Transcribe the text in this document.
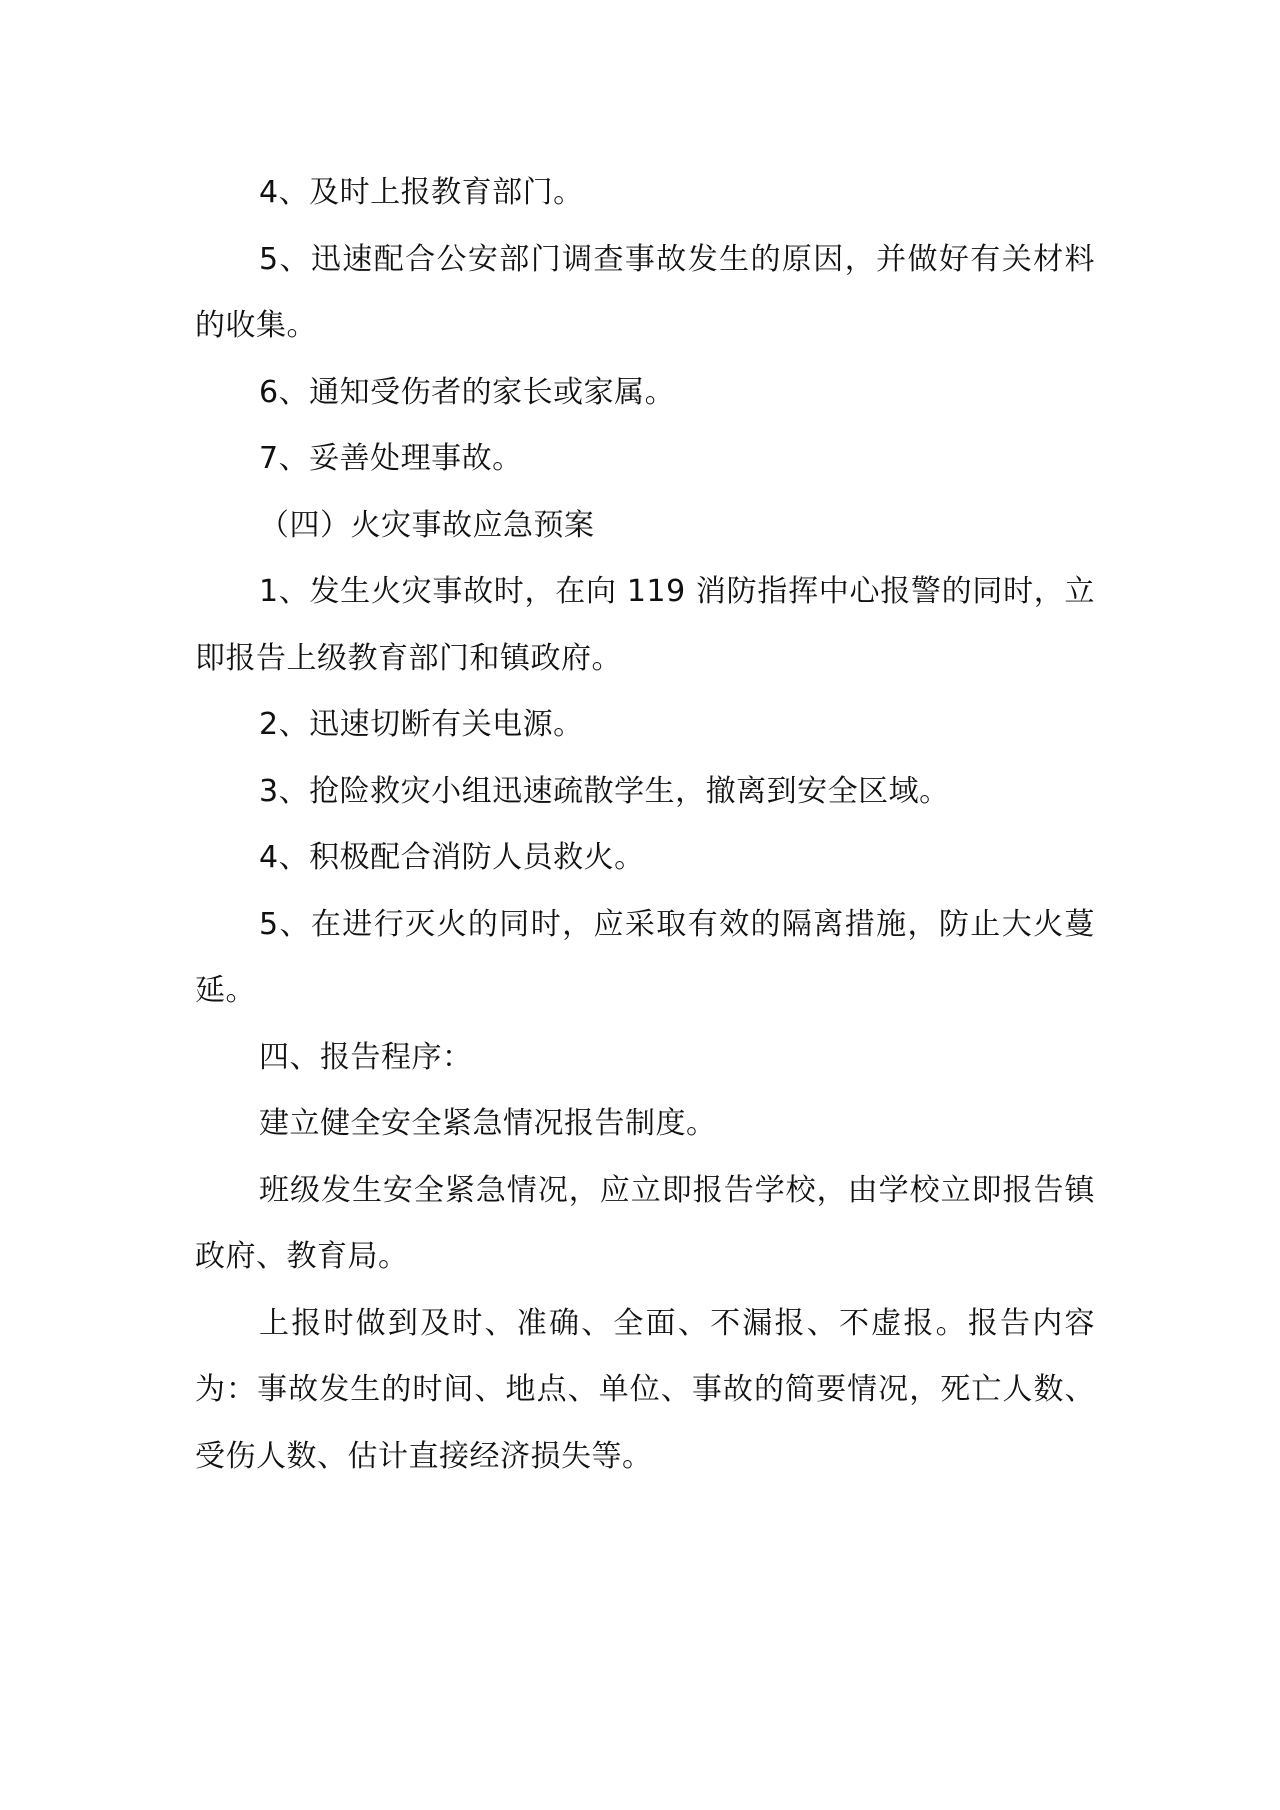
4、及时上报教育部门。

5、迅速配合公安部门调查事故发生的原因，并做好有关材料的收集。

6、通知受伤者的家长或家属。

7、妥善处理事故。

（四）火灾事故应急预案

1、发生火灾事故时，在向 119 消防指挥中心报警的同时，立即报告上级教育部门和镇政府。

2、迅速切断有关电源。

3、抢险救灾小组迅速疏散学生，撤离到安全区域。

4、积极配合消防人员救火。

5、在进行灭火的同时，应采取有效的隔离措施，防止大火蔓延。

四、报告程序：

建立健全安全紧急情况报告制度。

班级发生安全紧急情况，应立即报告学校，由学校立即报告镇政府、教育局。

上报时做到及时、准确、全面、不漏报、不虚报。报告内容为：事故发生的时间、地点、单位、事故的简要情况，死亡人数、受伤人数、估计直接经济损失等。
